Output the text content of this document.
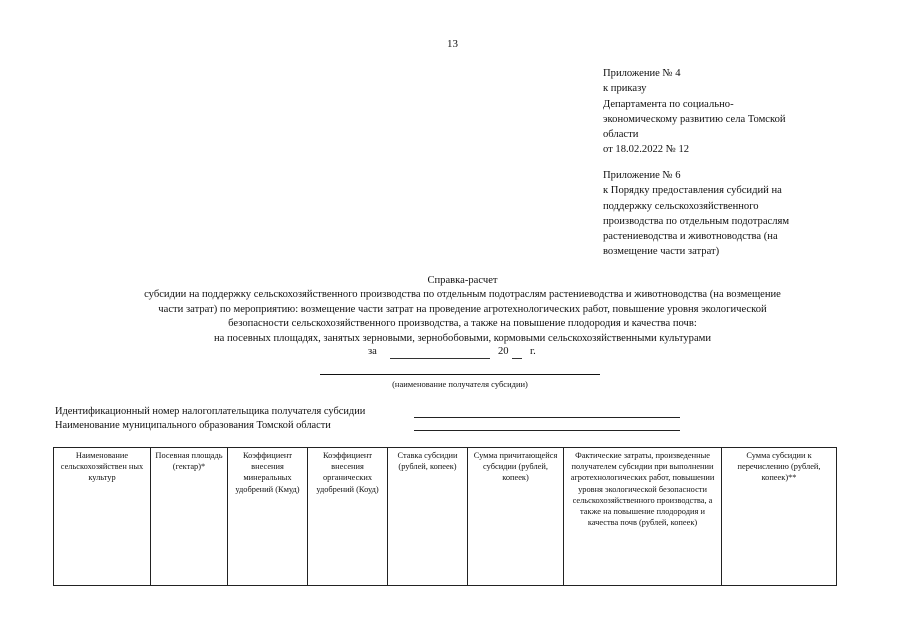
13
Приложение № 4
к приказу
Департамента по социально-
экономическому развитию села Томской
области
от 18.02.2022 № 12
Приложение № 6
к Порядку предоставления субсидий на
поддержку сельскохозяйственного
производства по отдельным подотраслям
растениеводства и животноводства (на
возмещение части затрат)
Справка-расчет
субсидии на поддержку сельскохозяйственного производства по отдельным подотраслям растениеводства и животноводства (на возмещение
части затрат) по мероприятию: возмещение части затрат на проведение агротехнологических работ, повышение уровня экологической
безопасности сельскохозяйственного производства, а также на повышение плодородия и качества почв:
на посевных площадях, занятых зерновыми, зернобобовыми, кормовыми сельскохозяйственными культурами
за	20 г.
(наименование получателя субсидии)
Идентификационный номер налогоплательщика получателя субсидии
Наименование муниципального образования Томской области
Наименование сельскохозяйствен ных культур	Посевная площадь (гектар)*	Коэффициент внесения минеральных удобрений (Кмуд)	Коэффициент внесения органических удобрений (Коуд)	Ставка субсидии (рублей, копеек)	Сумма причитающейся субсидии (рублей, копеек)	Фактические затраты, произведенные получателем субсидии при выполнении агротехнологических работ, повышении уровня экологической безопасности сельскохозяйственного производства, а также на повышение плодородия и качества почв (рублей, копеек)	Сумма субсидии к перечислению (рублей, копеек)**
